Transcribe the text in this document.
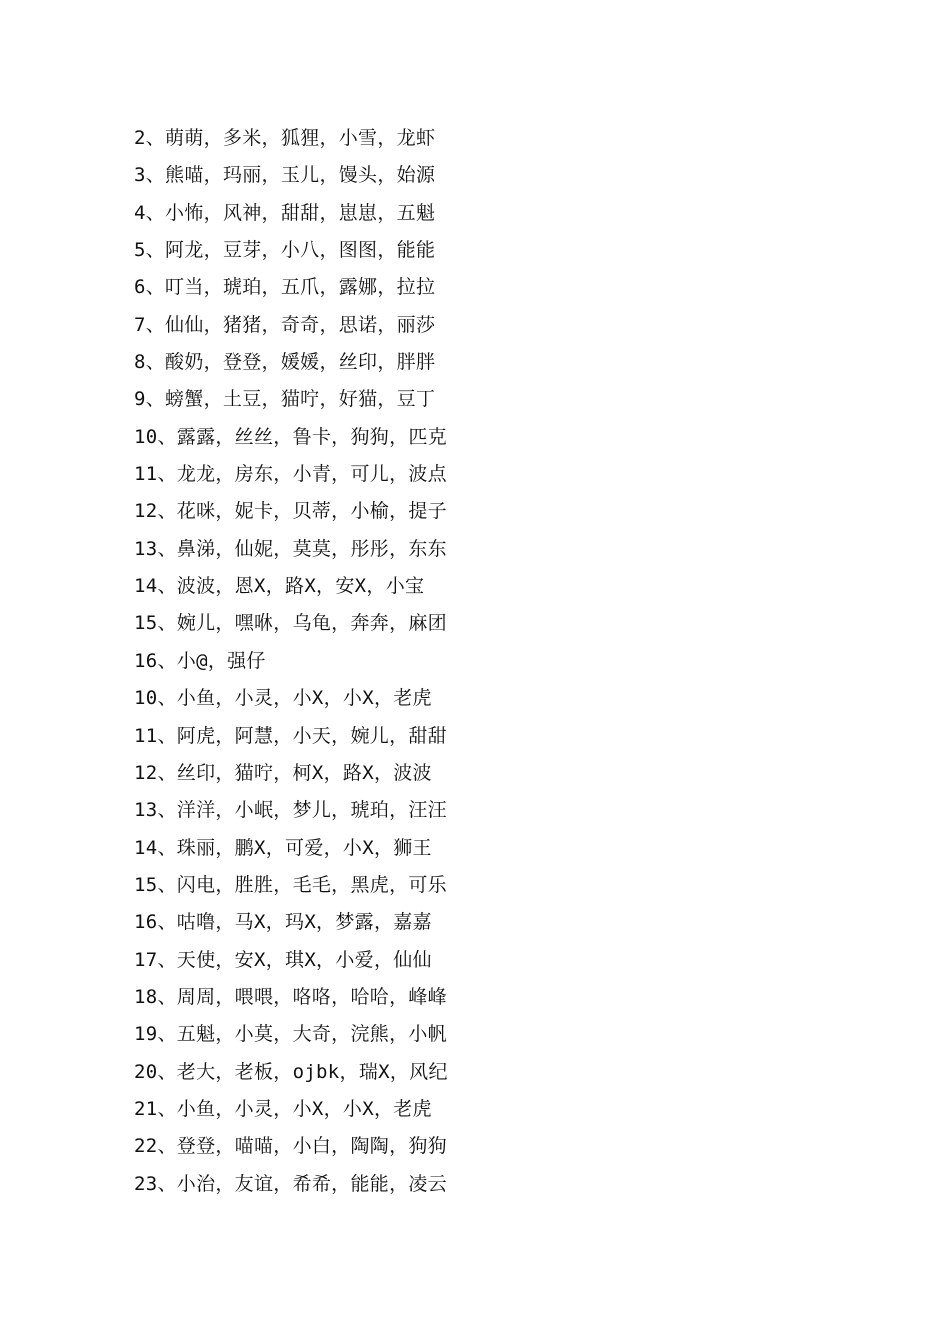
2、萌萌，多米，狐狸，小雪，龙虾
3、熊喵，玛丽，玉儿，馒头，始源
4、小怖，风神，甜甜，崽崽，五魁
5、阿龙，豆芽，小八，图图，能能
6、叮当，琥珀，五爪，露娜，拉拉
7、仙仙，猪猪，奇奇，思诺，丽莎
8、酸奶，登登，媛媛，丝印，胖胖
9、螃蟹，土豆，猫咛，好猫，豆丁
10、露露，丝丝，鲁卡，狗狗，匹克
11、龙龙，房东，小青，可儿，波点
12、花咪，妮卡，贝蒂，小榆，提子
13、鼻涕，仙妮，莫莫，彤彤，东东
14、波波，恩X，路X，安X，小宝
15、婉儿，嘿咻，乌龟，奔奔，麻团
16、小@，强仔
10、小鱼，小灵，小X，小X，老虎
11、阿虎，阿慧，小天，婉儿，甜甜
12、丝印，猫咛，柯X，路X，波波
13、洋洋，小岷，梦儿，琥珀，汪汪
14、珠丽，鹏X，可爱，小X，狮王
15、闪电，胜胜，毛毛，黑虎，可乐
16、咕噜，马X，玛X，梦露，嘉嘉
17、天使，安X，琪X，小爱，仙仙
18、周周，喂喂，咯咯，哈哈，峰峰
19、五魁，小莫，大奇，浣熊，小帆
20、老大，老板，ojbk，瑞X，风纪
21、小鱼，小灵，小X，小X，老虎
22、登登，喵喵，小白，陶陶，狗狗
23、小治，友谊，希希，能能，凌云
